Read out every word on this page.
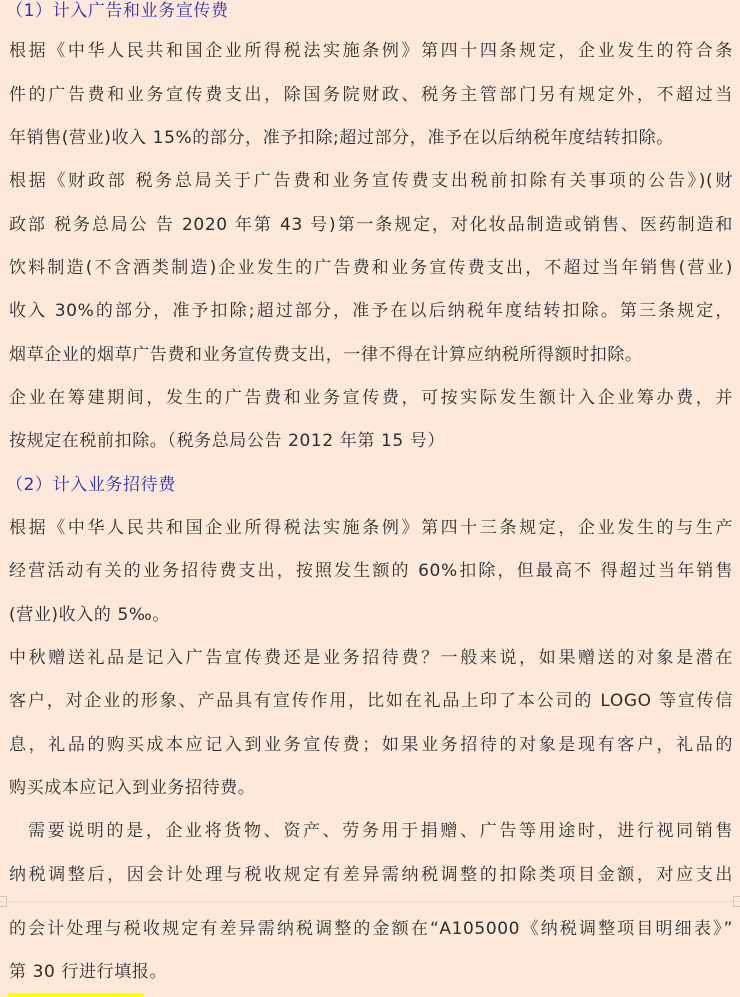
（1）计入广告和业务宣传费
根据《中华人民共和国企业所得税法实施条例》第四十四条规定，企业发生的符合条
件的广告费和业务宣传费支出，除国务院财政、税务主管部门另有规定外，不超过当
年销售(营业)收入 15%的部分，准予扣除;超过部分，准予在以后纳税年度结转扣除。
根据《财政部 税务总局关于广告费和业务宣传费支出税前扣除有关事项的公告》)(财
政部 税务总局公 告 2020 年第 43 号)第一条规定，对化妆品制造或销售、医药制造和
饮料制造(不含酒类制造)企业发生的广告费和业务宣传费支出，不超过当年销售(营业)
收入 30%的部分，准予扣除;超过部分，准予在以后纳税年度结转扣除。第三条规定，
烟草企业的烟草广告费和业务宣传费支出，一律不得在计算应纳税所得额时扣除。
企业在筹建期间，发生的广告费和业务宣传费，可按实际发生额计入企业筹办费，并
按规定在税前扣除。（税务总局公告 2012 年第 15 号）
（2）计入业务招待费
根据《中华人民共和国企业所得税法实施条例》第四十三条规定，企业发生的与生产
经营活动有关的业务招待费支出，按照发生额的 60%扣除，但最高不 得超过当年销售
(营业)收入的 5‰。
中秋赠送礼品是记入广告宣传费还是业务招待费？一般来说，如果赠送的对象是潜在
客户，对企业的形象、产品具有宣传作用，比如在礼品上印了本公司的 LOGO 等宣传信
息，礼品的购买成本应记入到业务宣传费；如果业务招待的对象是现有客户，礼品的
购买成本应记入到业务招待费。
需要说明的是，企业将货物、资产、劳务用于捐赠、广告等用途时，进行视同销售
纳税调整后，因会计处理与税收规定有差异需纳税调整的扣除类项目金额，对应支出
的会计处理与税收规定有差异需纳税调整的金额在“A105000《纳税调整项目明细表》”
第 30 行进行填报。
